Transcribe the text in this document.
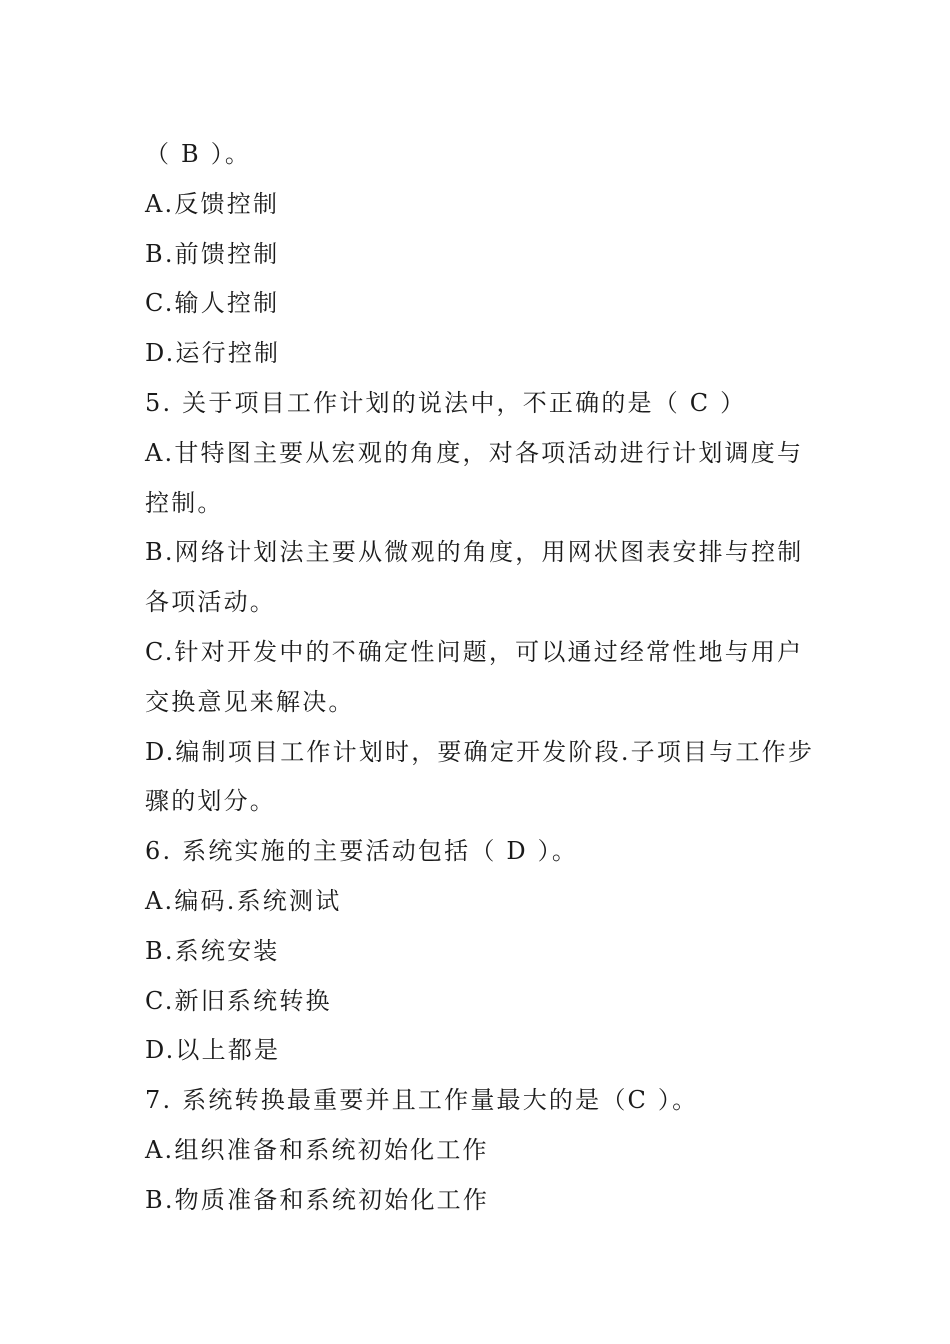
（ B ）。

A.反馈控制

B.前馈控制

C.输人控制

D.运行控制

5. 关于项目工作计划的说法中，不正确的是（ C ）

A.甘特图主要从宏观的角度，对各项活动进行计划调度与

控制。

B.网络计划法主要从微观的角度，用网状图表安排与控制

各项活动。

C.针对开发中的不确定性问题，可以通过经常性地与用户

交换意见来解决。

D.编制项目工作计划时，要确定开发阶段.子项目与工作步

骤的划分。

6. 系统实施的主要活动包括（ D ）。

A.编码.系统测试

B.系统安装

C.新旧系统转换

D.以上都是

7. 系统转换最重要并且工作量最大的是（C ）。

A.组织准备和系统初始化工作

B.物质准备和系统初始化工作
